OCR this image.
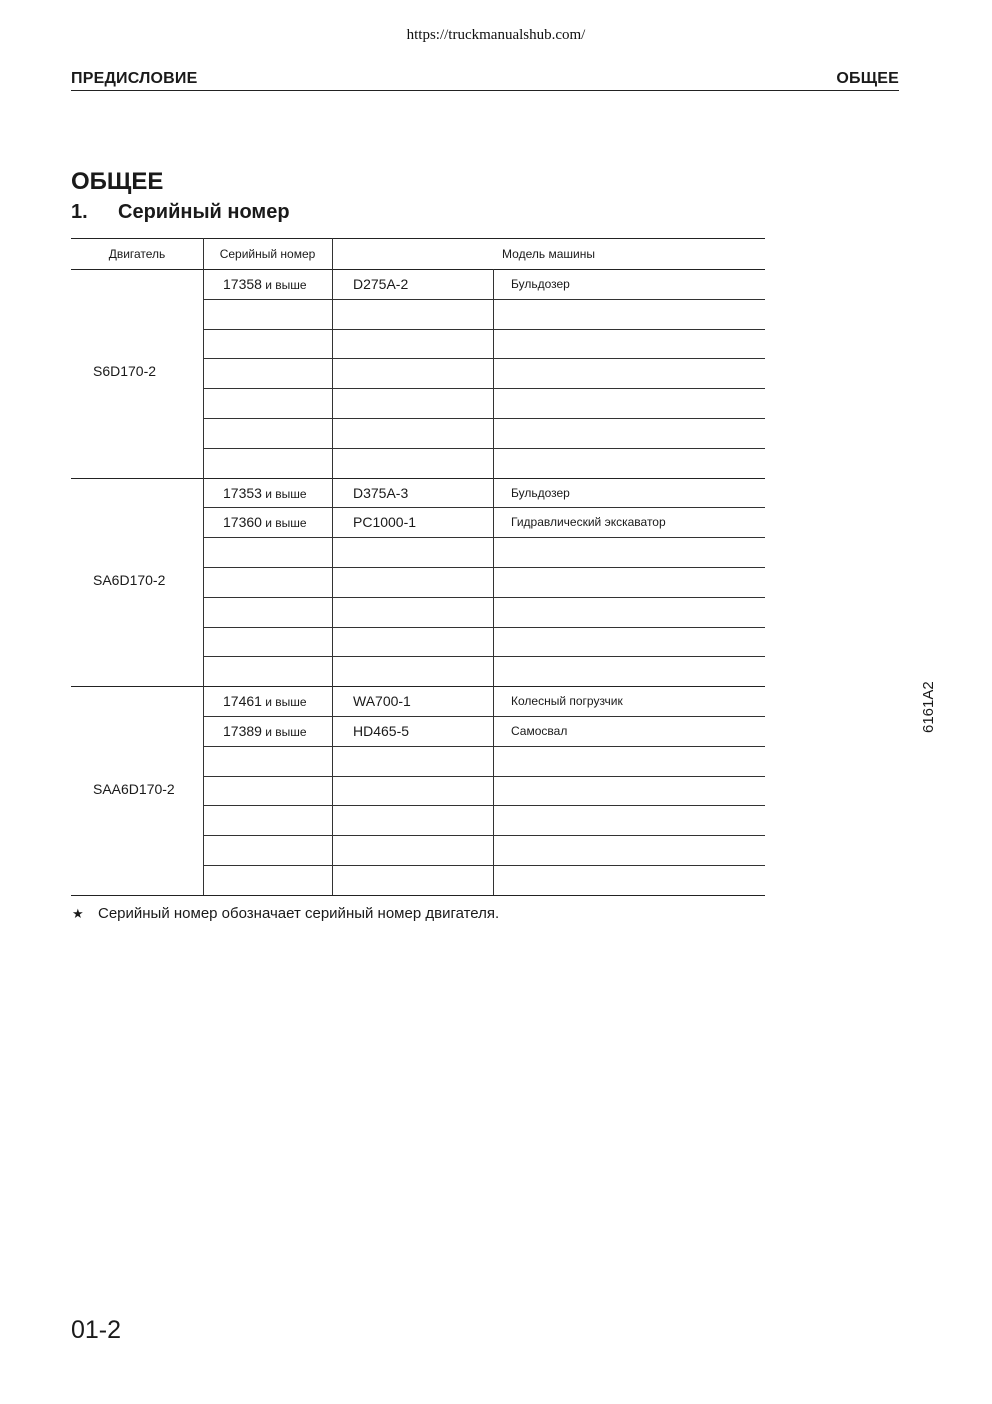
https://truckmanualshub.com/
ПРЕДИСЛОВИЕ	ОБЩЕЕ
ОБЩЕЕ
1. Серийный номер
Двигатель	Серийный номер	Модель машины
S6D170-2
17358 и выше	D275A-2	Бульдозер
SA6D170-2
17353 и выше	D375A-3	Бульдозер
17360 и выше	PC1000-1	Гидравлический экскаватор
SAA6D170-2
17461 и выше	WA700-1	Колесный погрузчик
17389 и выше	HD465-5	Самосвал
★ Серийный номер обозначает серийный номер двигателя.
6161A2
01-2
